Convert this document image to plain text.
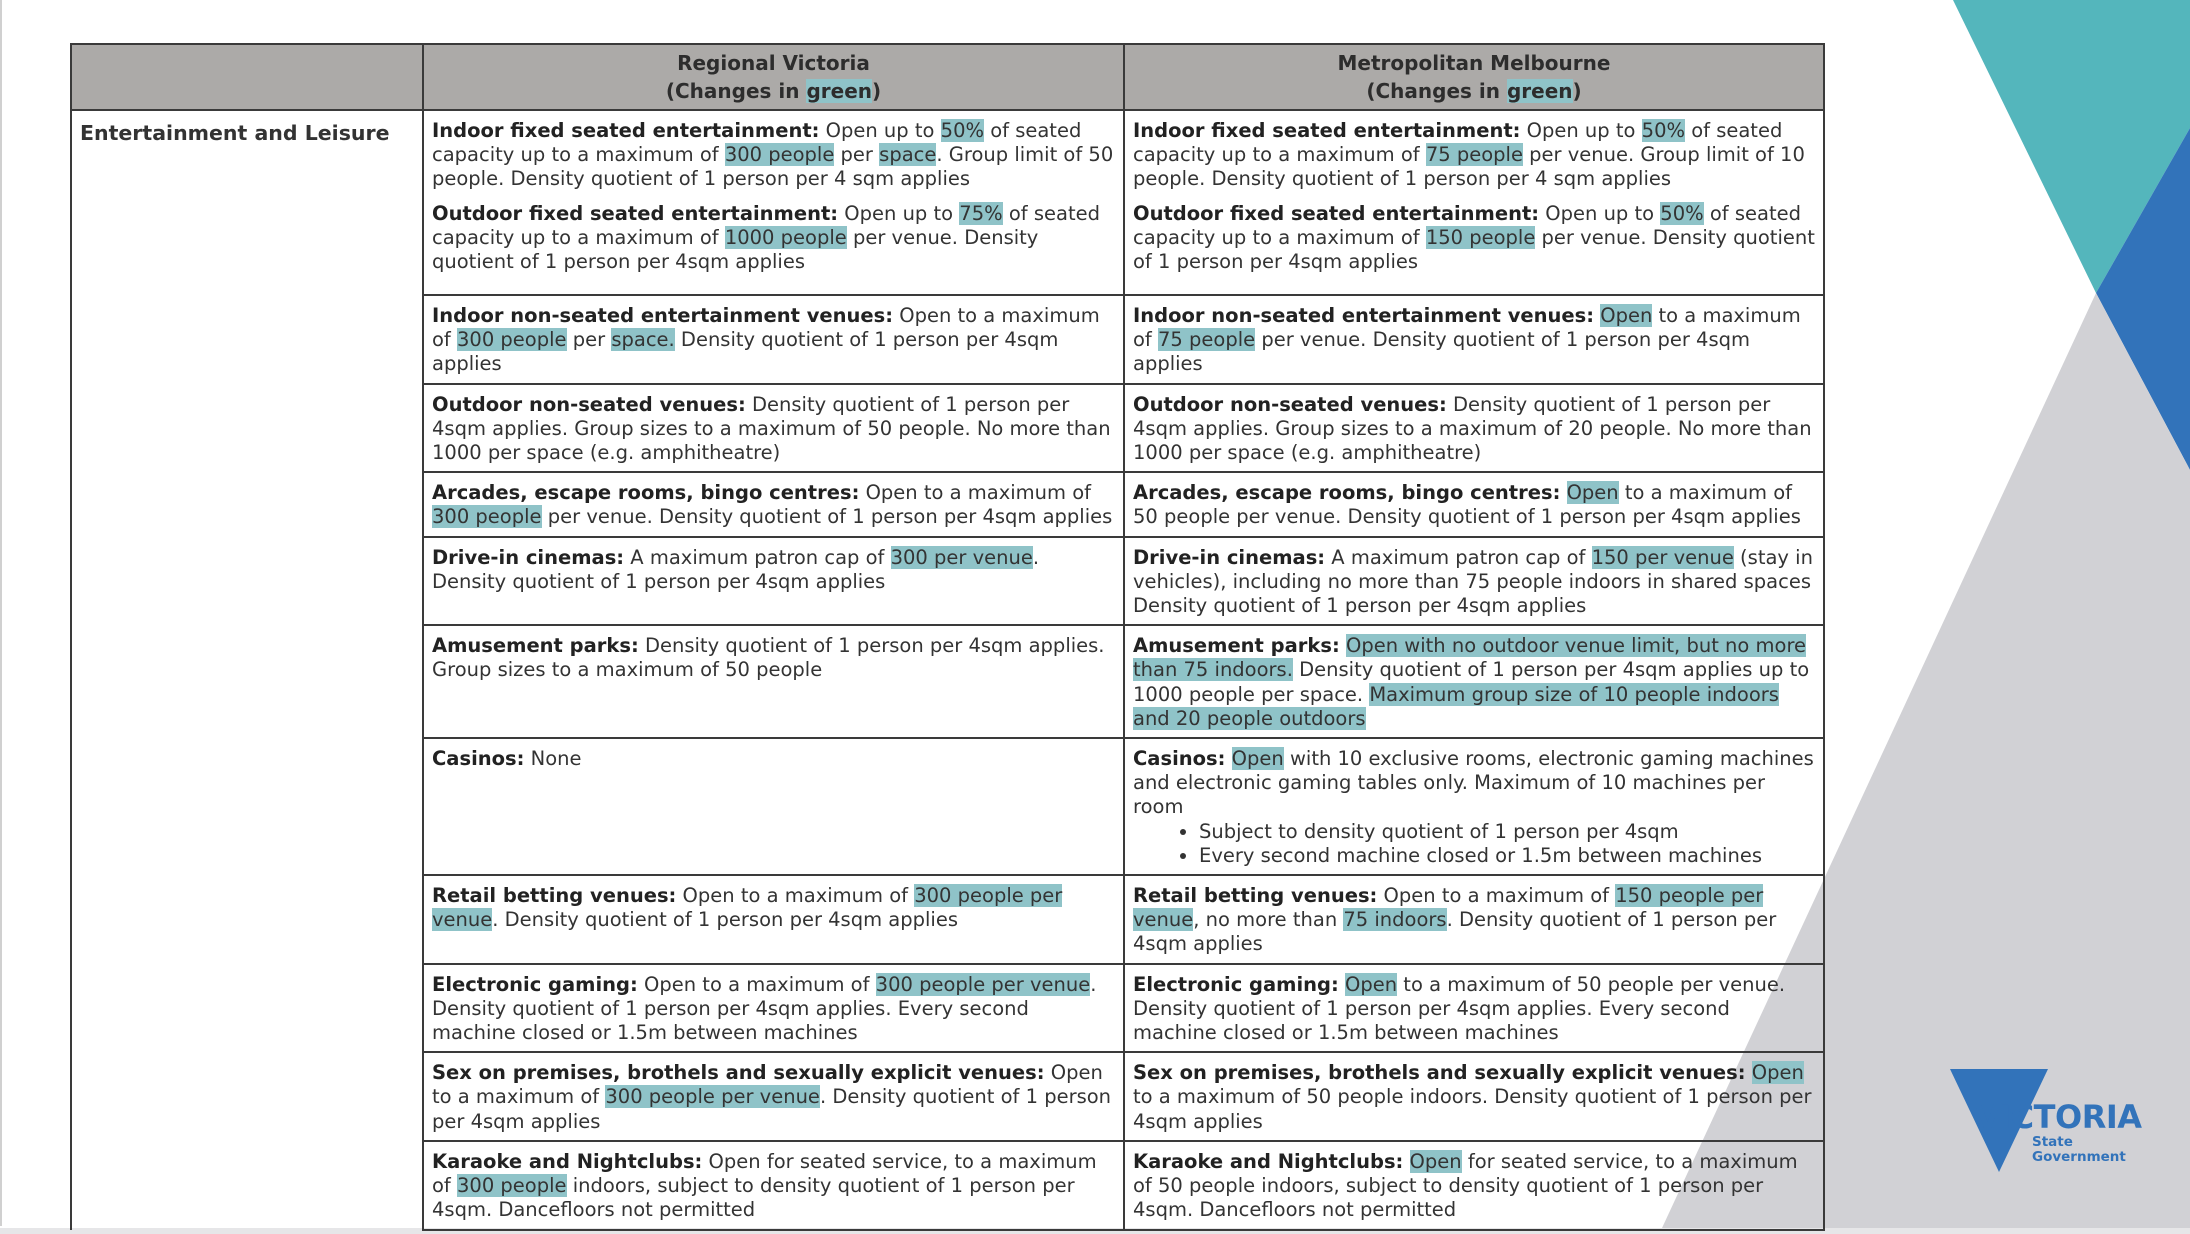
Regional Victoria
(Changes in green)

Metropolitan Melbourne
(Changes in green)

Entertainment and Leisure	Indoor fixed seated entertainment: Open up to 50% of seated capacity up to a maximum of 300 people per space. Group limit of 50 people. Density quotient of 1 person per 4 sqm applies
Outdoor fixed seated entertainment: Open up to 75% of seated capacity up to a maximum of 1000 people per venue. Density quotient of 1 person per 4sqm applies

Indoor fixed seated entertainment: Open up to 50% of seated capacity up to a maximum of 75 people per venue. Group limit of 10 people. Density quotient of 1 person per 4 sqm applies
Outdoor fixed seated entertainment: Open up to 50% of seated capacity up to a maximum of 150 people per venue. Density quotient of 1 person per 4sqm applies

Indoor non-seated entertainment venues: Open to a maximum of 300 people per space. Density quotient of 1 person per 4sqm applies

Indoor non-seated entertainment venues: Open to a maximum of 75 people per venue. Density quotient of 1 person per 4sqm applies

Outdoor non-seated venues: Density quotient of 1 person per 4sqm applies. Group sizes to a maximum of 50 people. No more than 1000 per space (e.g. amphitheatre)

Outdoor non-seated venues: Density quotient of 1 person per 4sqm applies. Group sizes to a maximum of 20 people. No more than 1000 per space (e.g. amphitheatre)

Arcades, escape rooms, bingo centres: Open to a maximum of 300 people per venue. Density quotient of 1 person per 4sqm applies

Arcades, escape rooms, bingo centres: Open to a maximum of 50 people per venue. Density quotient of 1 person per 4sqm applies

Drive-in cinemas: A maximum patron cap of 300 per venue. Density quotient of 1 person per 4sqm applies

Drive-in cinemas: A maximum patron cap of 150 per venue (stay in vehicles), including no more than 75 people indoors in shared spaces Density quotient of 1 person per 4sqm applies

Amusement parks: Density quotient of 1 person per 4sqm applies. Group sizes to a maximum of 50 people

Amusement parks: Open with no outdoor venue limit, but no more than 75 indoors. Density quotient of 1 person per 4sqm applies up to 1000 people per space. Maximum group size of 10 people indoors and 20 people outdoors

Casinos: None	Casinos: Open with 10 exclusive rooms, electronic gaming machines and electronic gaming tables only. Maximum of 10 machines per room
• Subject to density quotient of 1 person per 4sqm
• Every second machine closed or 1.5m between machines

Retail betting venues: Open to a maximum of 300 people per venue. Density quotient of 1 person per 4sqm applies

Retail betting venues: Open to a maximum of 150 people per venue, no more than 75 indoors. Density quotient of 1 person per 4sqm applies

Electronic gaming: Open to a maximum of 300 people per venue. Density quotient of 1 person per 4sqm applies. Every second machine closed or 1.5m between machines

Electronic gaming: Open to a maximum of 50 people per venue. Density quotient of 1 person per 4sqm applies. Every second machine closed or 1.5m between machines

Sex on premises, brothels and sexually explicit venues: Open to a maximum of 300 people per venue. Density quotient of 1 person per 4sqm applies

Sex on premises, brothels and sexually explicit venues: Open to a maximum of 50 people indoors. Density quotient of 1 person per 4sqm applies

Karaoke and Nightclubs: Open for seated service, to a maximum of 300 people indoors, subject to density quotient of 1 person per 4sqm. Dancefloors not permitted

Karaoke and Nightclubs: Open for seated service, to a maximum of 50 people indoors, subject to density quotient of 1 person per 4sqm. Dancefloors not permitted
VICTORIA
State
Government
